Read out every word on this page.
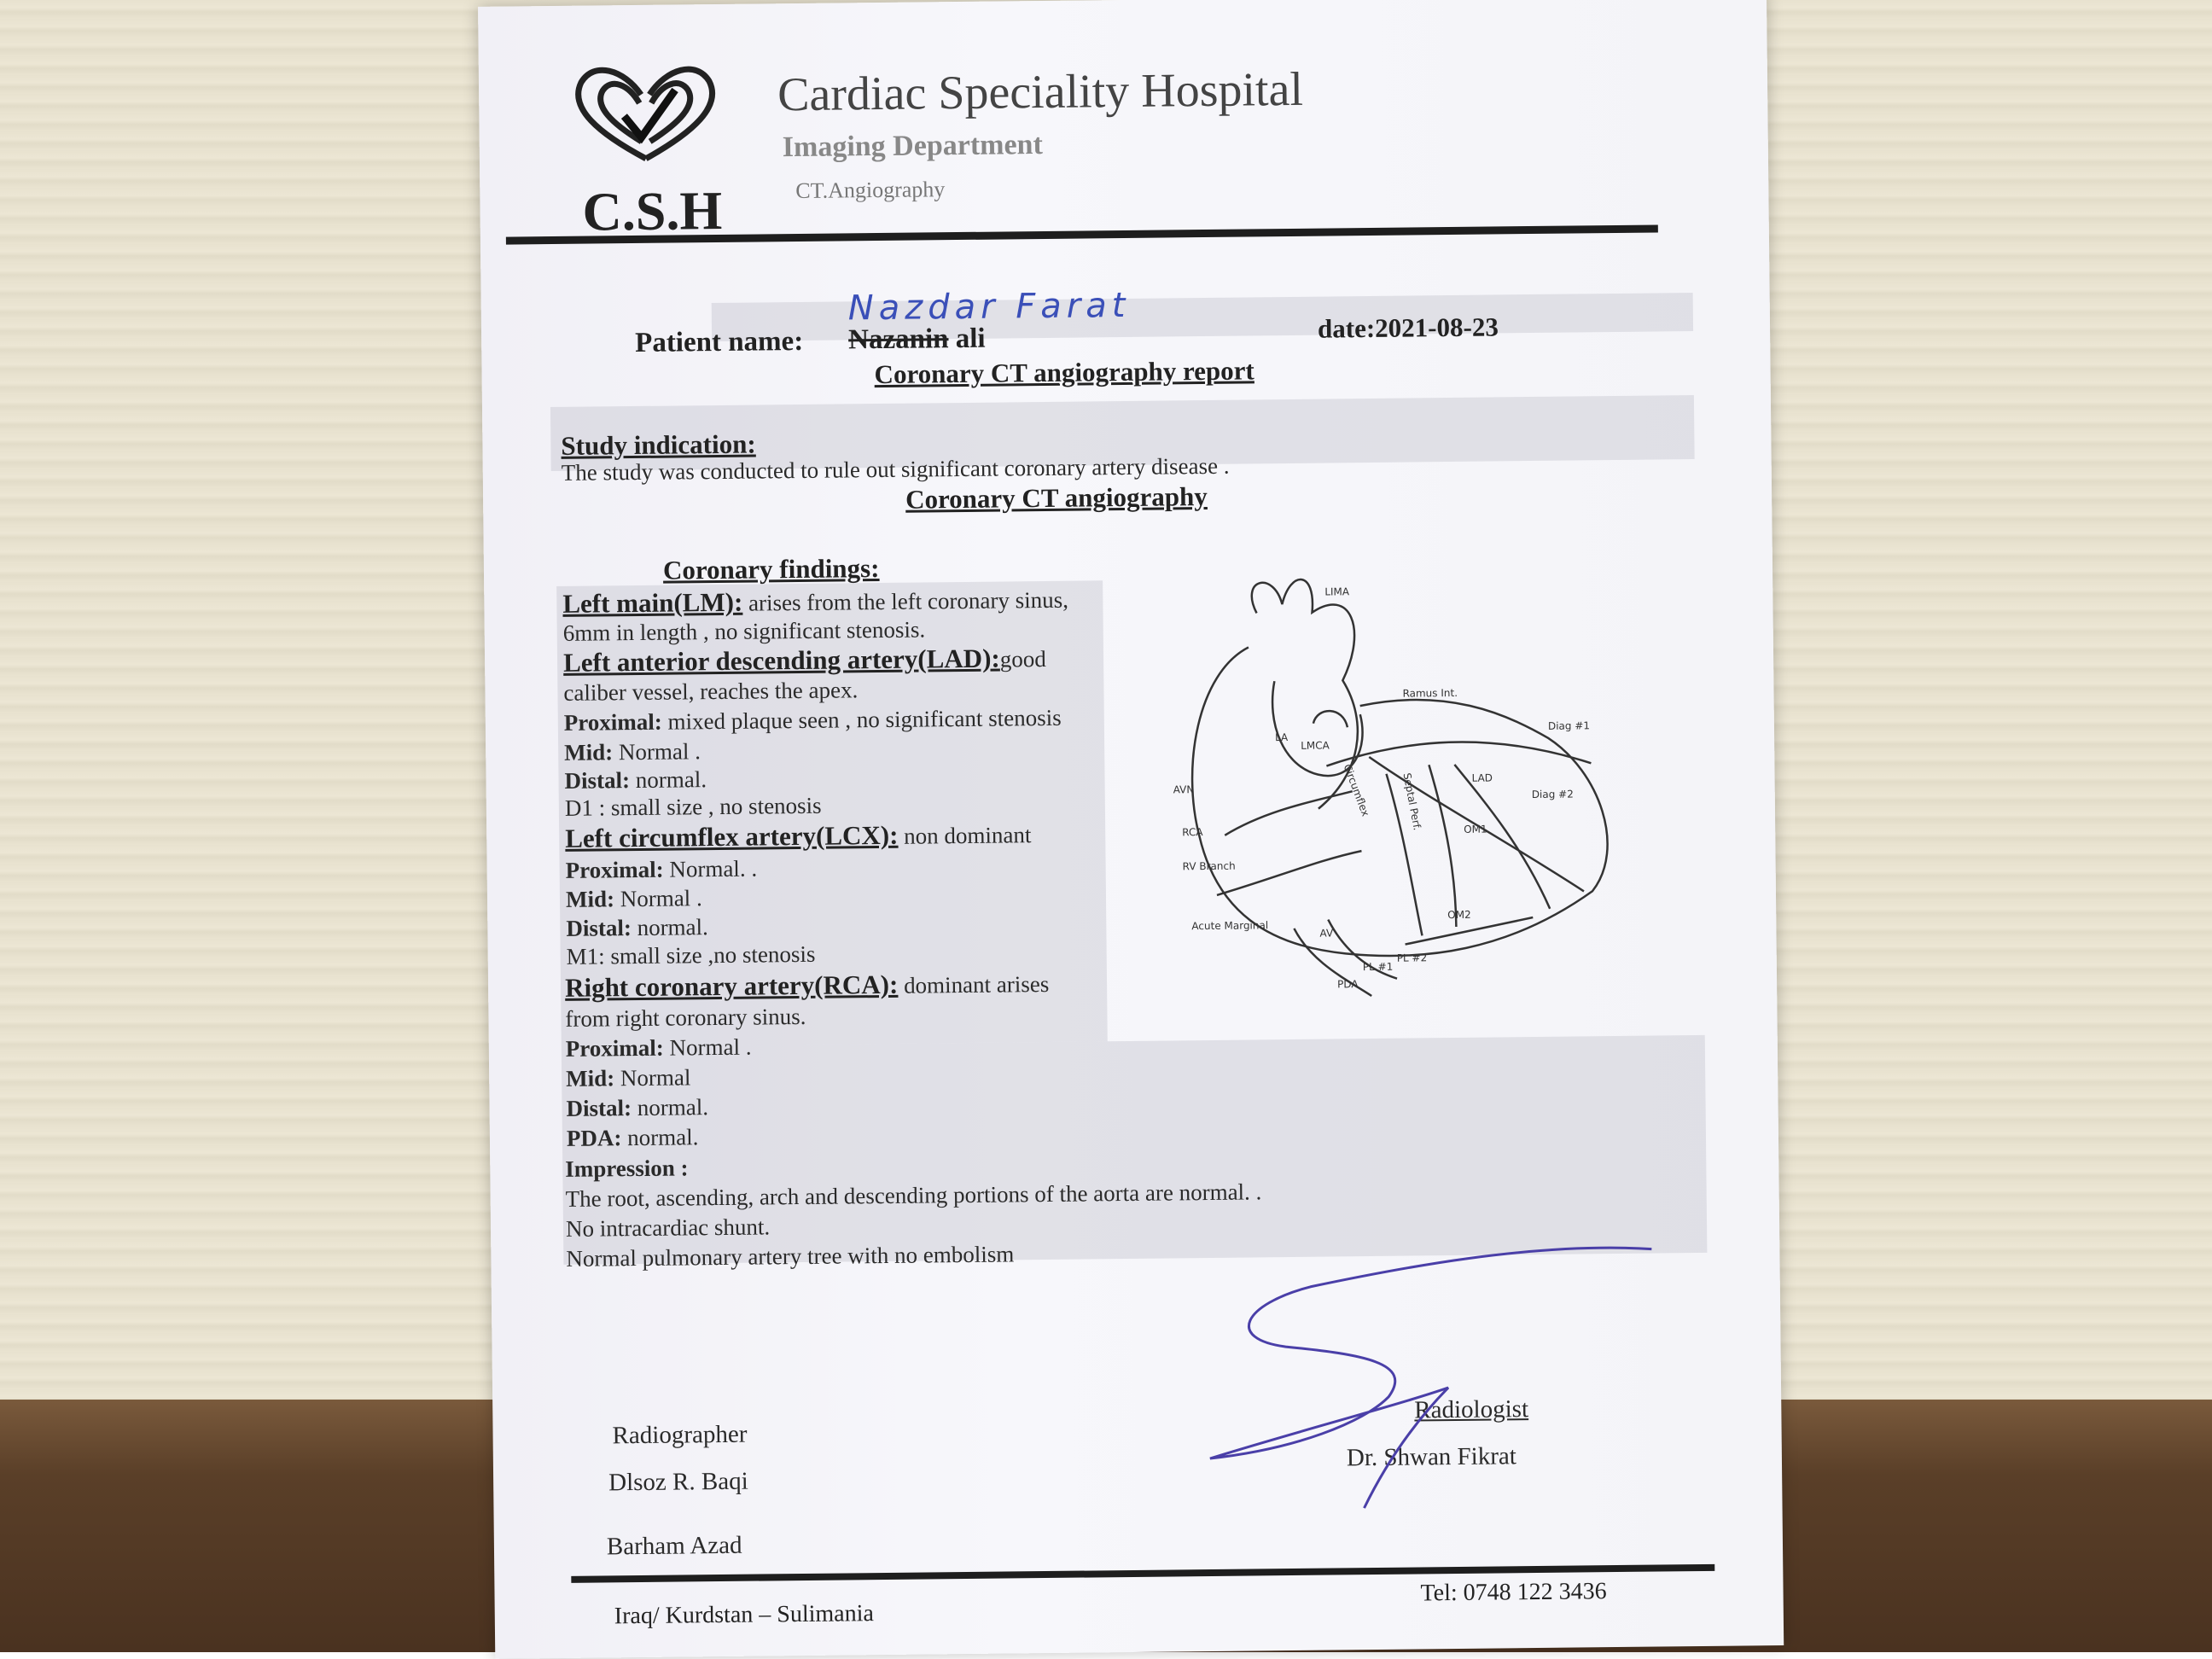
C.S.H
Cardiac Speciality Hospital
Imaging Department
CT.Angiography
Nazdar Farat
Patient name: Nazanin ali	date:2021-08-23
Coronary CT angiography report
Study indication:
The study was conducted to rule out significant coronary artery disease .
Coronary CT angiography
Coronary findings:
Left main(LM): arises from the left coronary sinus,
6mm in length , no significant stenosis.
Left anterior descending artery(LAD):good
caliber vessel, reaches the apex.
Proximal: mixed plaque seen , no significant stenosis
Mid: Normal .
Distal: normal.
D1 : small size , no stenosis
Left circumflex artery(LCX): non dominant
Proximal: Normal. .
Mid: Normal .
Distal: normal.
M1: small size ,no stenosis
Right coronary artery(RCA): dominant arises
from right coronary sinus.
Proximal: Normal .
Mid: Normal
Distal: normal.
PDA: normal.
Impression :
The root, ascending, arch and descending portions of the aorta are normal. .
No intracardiac shunt.
Normal pulmonary artery tree with no embolism
LIMA
Ramus Int.
Diag #1
Diag #2
LMCA
LA
LAD
OM1
OM2
AVN
RCA
RV Branch
Acute Marginal
AV
PDA
PL #1
PL #2
Circumflex	Septal Perf.
Radiographer
Dlsoz R. Baqi
Barham Azad
Radiologist
Dr. Shwan Fikrat
Iraq/ Kurdstan – Sulimania
Tel: 0748 122 3436
